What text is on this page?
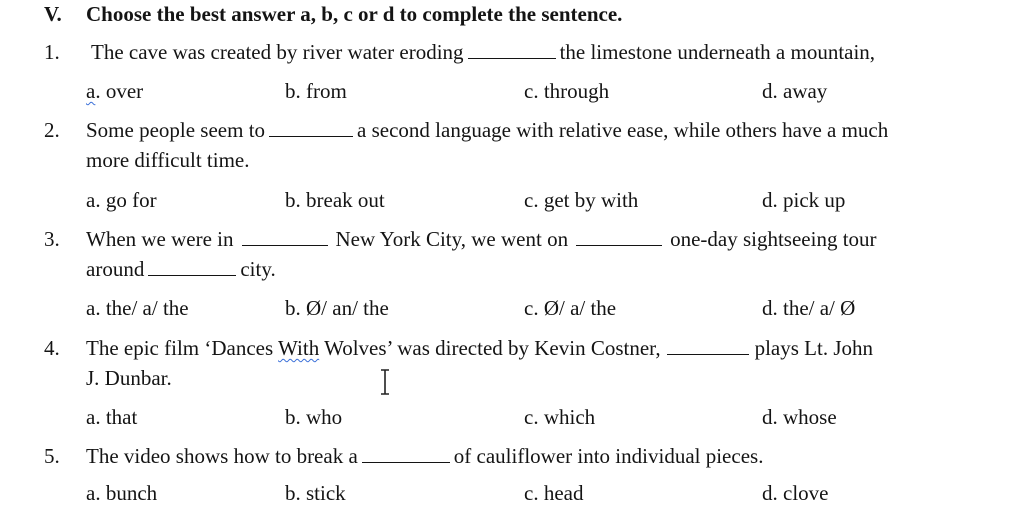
V. Choose the best answer a, b, c or d to complete the sentence.
1. The cave was created by river water eroding	the limestone underneath a mountain,
a. over	b. from	c. through	d. away
2. Some people seem to	a second language with relative ease, while others have a much
more difficult time.
a. go for	b. break out	c. get by with	d. pick up
3. When we were in	New York City, we went on	one-day sightseeing tour
around	city.
a. the/ a/ the	b. Ø/ an/ the	c. Ø/ a/ the	d. the/ a/ Ø
4. The epic film ‘Dances With Wolves’ was directed by Kevin Costner,	plays Lt. John
J. Dunbar.
a. that	b. who	c. which	d. whose
5. The video shows how to break a	of cauliflower into individual pieces.
a. bunch	b. stick	c. head	d. clove
